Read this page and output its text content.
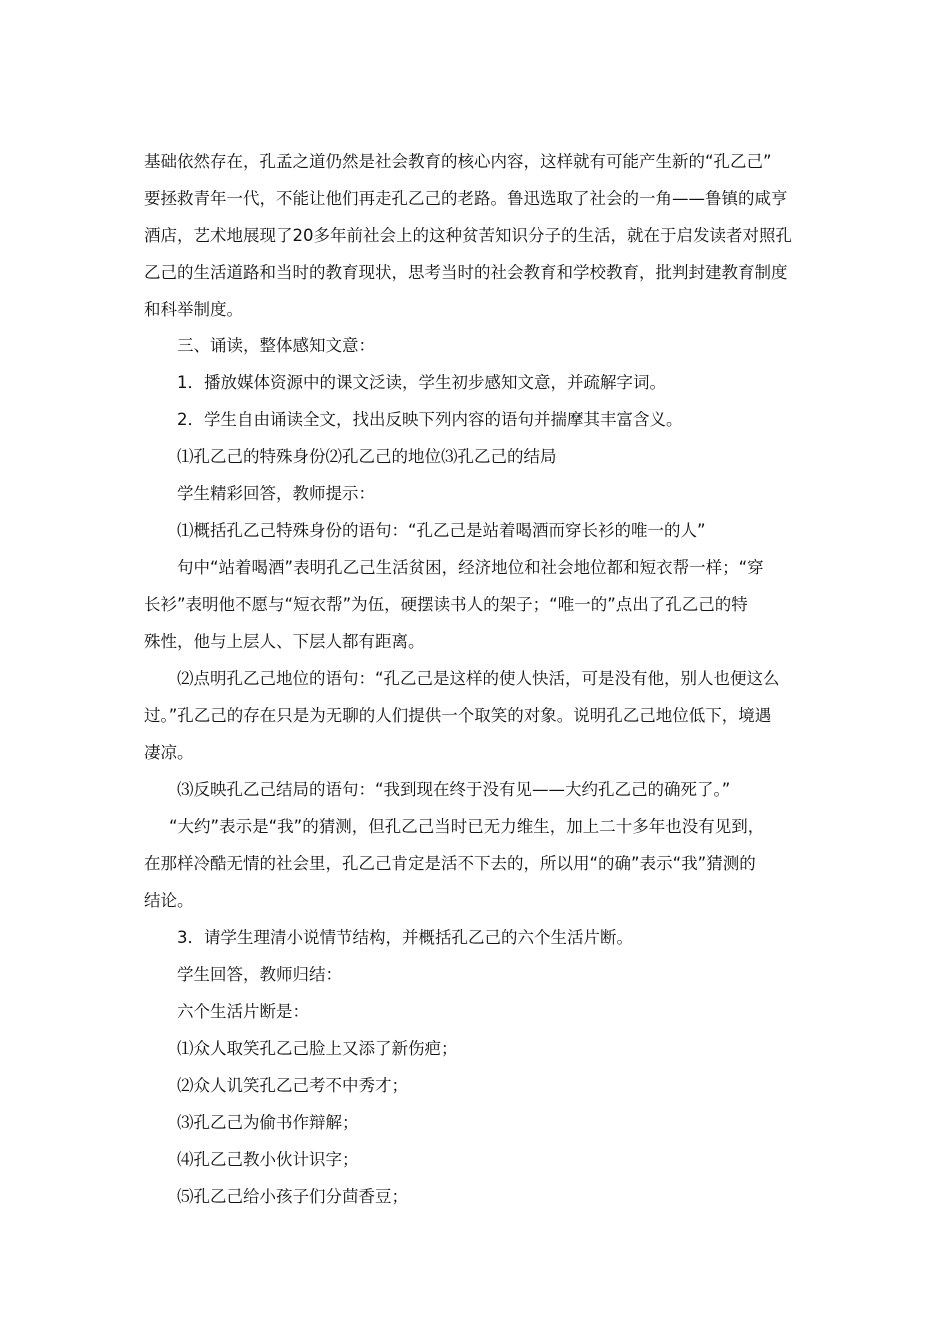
基础依然存在，孔孟之道仍然是社会教育的核心内容，这样就有可能产生新的“孔乙己”
要拯救青年一代，不能让他们再走孔乙己的老路。鲁迅选取了社会的一角——鲁镇的咸亨
酒店，艺术地展现了20多年前社会上的这种贫苦知识分子的生活，就在于启发读者对照孔
乙己的生活道路和当时的教育现状，思考当时的社会教育和学校教育，批判封建教育制度
和科举制度。
三、诵读，整体感知文意：
1．播放媒体资源中的课文泛读，学生初步感知文意，并疏解字词。
2．学生自由诵读全文，找出反映下列内容的语句并揣摩其丰富含义。
⑴孔乙己的特殊身份⑵孔乙己的地位⑶孔乙己的结局
学生精彩回答，教师提示：
⑴概括孔乙己特殊身份的语句：“孔乙己是站着喝酒而穿长衫的唯一的人”
句中“站着喝酒”表明孔乙己生活贫困，经济地位和社会地位都和短衣帮一样；“穿
长衫”表明他不愿与“短衣帮”为伍，硬摆读书人的架子；“唯一的”点出了孔乙己的特
殊性，他与上层人、下层人都有距离。
⑵点明孔乙己地位的语句：“孔乙己是这样的使人快活，可是没有他，别人也便这么
过。”孔乙己的存在只是为无聊的人们提供一个取笑的对象。说明孔乙己地位低下，境遇
凄凉。
⑶反映孔乙己结局的语句：“我到现在终于没有见——大约孔乙己的确死了。”
“大约”表示是“我”的猜测，但孔乙己当时已无力维生，加上二十多年也没有见到，
在那样冷酷无情的社会里，孔乙己肯定是活不下去的，所以用“的确”表示“我”猜测的
结论。
3．请学生理清小说情节结构，并概括孔乙己的六个生活片断。
学生回答，教师归结：
六个生活片断是：
⑴众人取笑孔乙己脸上又添了新伤疤；
⑵众人讥笑孔乙己考不中秀才；
⑶孔乙己为偷书作辩解；
⑷孔乙己教小伙计识字；
⑸孔乙己给小孩子们分茴香豆；
